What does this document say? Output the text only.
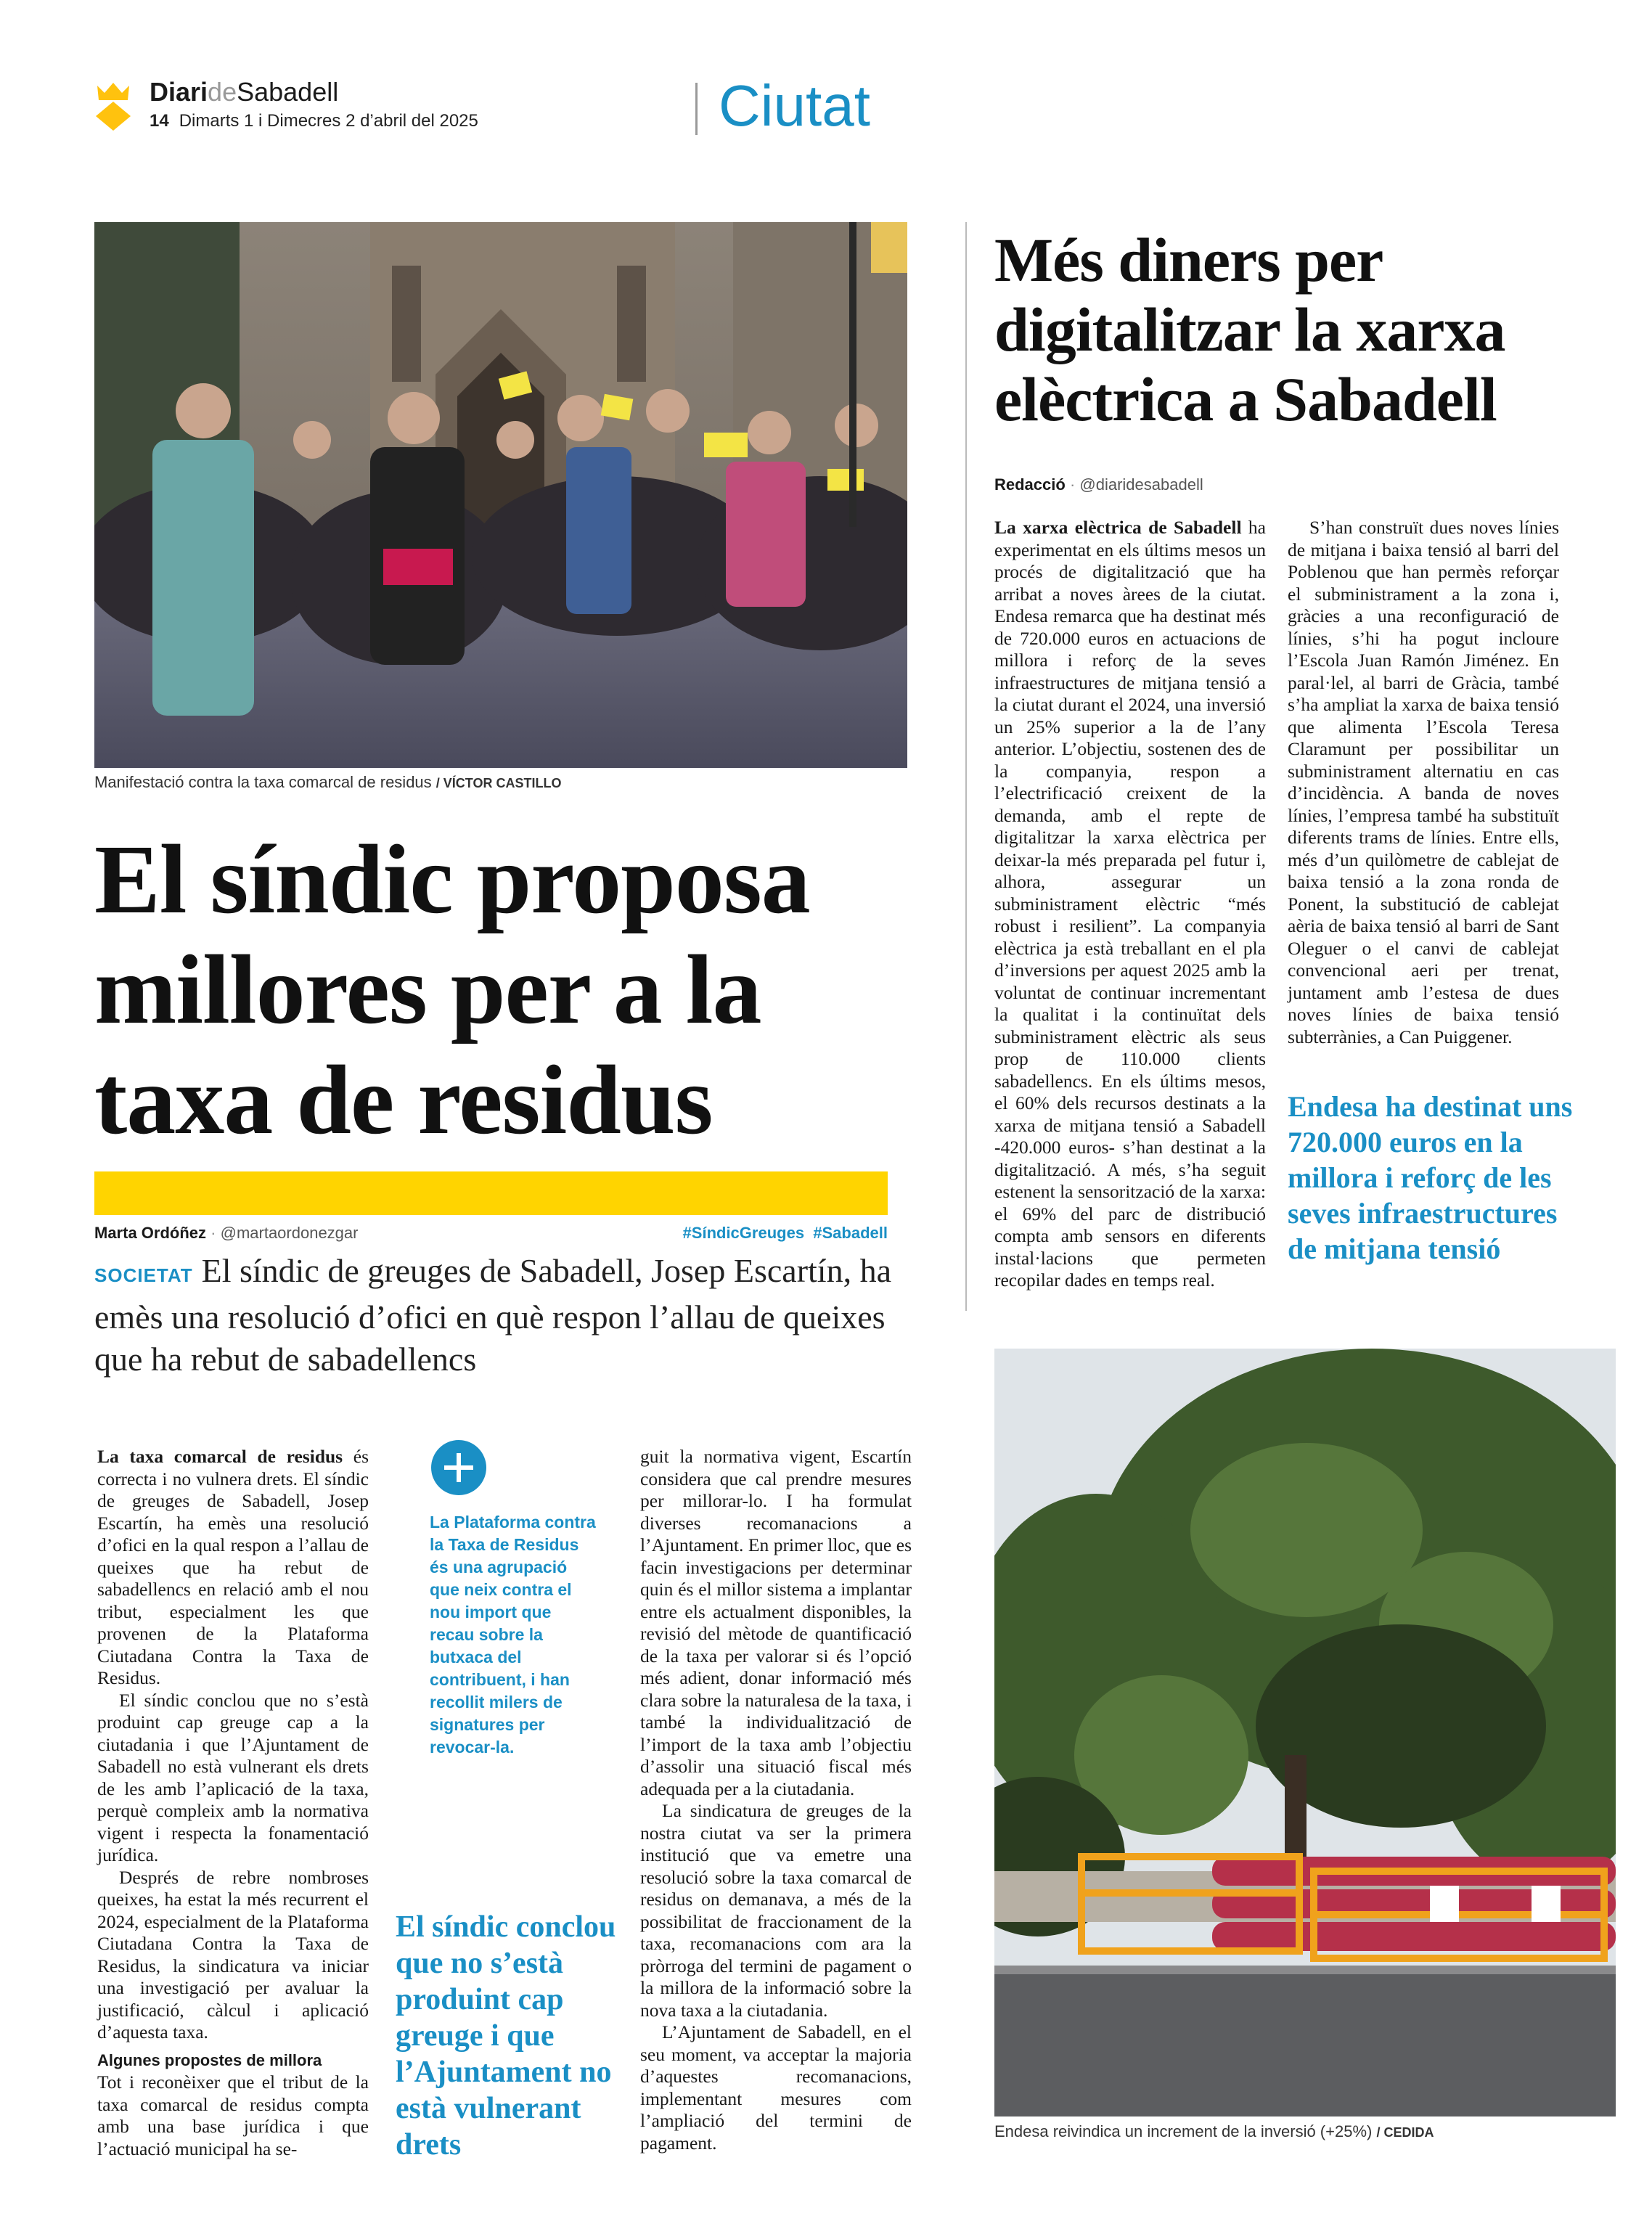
DiarideSabadell
14 Dimarts 1 i Dimecres 2 d’abril del 2025	Ciutat
Manifestació contra la taxa comarcal de residus / VÍCTOR CASTILLO
El síndic proposa
millores per a la
taxa de residus
Marta Ordóñez · @martaordonezgar	#SíndicGreuges  #Sabadell
SOCIETAT El síndic de greuges de Sabadell, Josep Escartín, ha emès una resolució d’ofici en què respon l’allau de queixes que ha rebut de sabadellencs

La taxa comarcal de residus és correcta i no vulnera drets. El síndic de greuges de Sabadell, Josep Escartín, ha emès una resolució d’ofici en la qual respon a l’allau de queixes que ha rebut de sabadellencs en relació amb el nou tribut, especialment les que provenen de la Plataforma Ciutadana Contra la Taxa de Residus.

El síndic conclou que no s’està produint cap greuge cap a la ciutadania i que l’Ajuntament de Sabadell no està vulnerant els drets de les amb l’aplicació de la taxa, perquè compleix amb la normativa vigent i respecta la fonamentació jurídica.

Després de rebre nombroses queixes, ha estat la més recurrent el 2024, especialment de la Plataforma Ciutadana Contra la Taxa de Residus, la sindicatura va iniciar una investigació per avaluar la justificació, càlcul i aplicació d’aquesta taxa.

Algunes propostes de millora

Tot i reconèixer que el tribut de la taxa comarcal de residus compta amb una base jurídica i que l’actuació municipal ha se-

La Plataforma contra la Taxa de Residus és una agrupació que neix contra el nou import que recau sobre la butxaca del contribuent, i han recollit milers de signatures per revocar-la.
El síndic conclou que no s’està produint cap greuge i que l’Ajuntament no està vulnerant drets

guit la normativa vigent, Escartín considera que cal prendre mesures per millorar-lo. I ha formulat diverses recomanacions a l’Ajuntament. En primer lloc, que es facin investigacions per determinar quin és el millor sistema a implantar entre els actualment disponibles, la revisió del mètode de quantificació de la taxa per valorar si és l’opció més adient, donar informació més clara sobre la naturalesa de la taxa, i també la individualització de l’import de la taxa amb l’objectiu d’assolir una situació fiscal més adequada per a la ciutadania.

La sindicatura de greuges de la nostra ciutat va ser la primera institució que va emetre una resolució sobre la taxa comarcal de residus on demanava, a més de la possibilitat de fraccionament de la taxa, recomanacions com ara la pròrroga del termini de pagament o la millora de la informació sobre la nova taxa a la ciutadania.

L’Ajuntament de Sabadell, en el seu moment, va acceptar la majoria d’aquestes recomanacions, implementant mesures com l’ampliació del termini de pagament.

Més diners per
digitalitzar la xarxa
elèctrica a Sabadell
Redacció · @diaridesabadell

La xarxa elèctrica de Sabadell ha experimentat en els últims mesos un procés de digitalització que ha arribat a noves àrees de la ciutat. Endesa remarca que ha destinat més de 720.000 euros en actuacions de millora i reforç de la seves infraestructures de mitjana tensió a la ciutat durant el 2024, una inversió un 25% superior a la de l’any anterior. L’objectiu, sostenen des de la companyia, respon a l’electrificació creixent de la demanda, amb el repte de digitalitzar la xarxa elèctrica per deixar-la més preparada pel futur i, alhora, assegurar un subministrament elèctric “més robust i resilient”. La companyia elèctrica ja està treballant en el pla d’inversions per aquest 2025 amb la voluntat de continuar incrementant la qualitat i la continuïtat dels subministrament elèctric als seus prop de 110.000 clients sabadellencs. En els últims mesos, el 60% dels recursos destinats a la xarxa de mitjana tensió a Sabadell -420.000 euros- s’han destinat a la digitalització. A més, s’ha seguit estenent la sensorització de la xarxa: el 69% del parc de distribució compta amb sensors en diferents instal·lacions que permeten recopilar dades en temps real.

S’han construït dues noves línies de mitjana i baixa tensió al barri del Poblenou que han permès reforçar el subministrament a la zona i, gràcies a una reconfiguració de línies, s’hi ha pogut incloure l’Escola Juan Ramón Jiménez. En paral·lel, al barri de Gràcia, també s’ha ampliat la xarxa de baixa tensió que alimenta l’Escola Teresa Claramunt per possibilitar un subministrament alternatiu en cas d’incidència. A banda de noves línies, l’empresa també ha substituït diferents trams de línies. Entre ells, més d’un quilòmetre de cablejat de baixa tensió a la zona ronda de Ponent, la substitució de cablejat aèria de baixa tensió al barri de Sant Oleguer o el canvi de cablejat convencional aeri per trenat, juntament amb l’estesa de dues noves línies de baixa tensió subterrànies, a Can Puiggener.

Endesa ha destinat uns 720.000 euros en la millora i reforç de les seves infraestructures de mitjana tensió
Endesa reivindica un increment de la inversió (+25%) / CEDIDA
